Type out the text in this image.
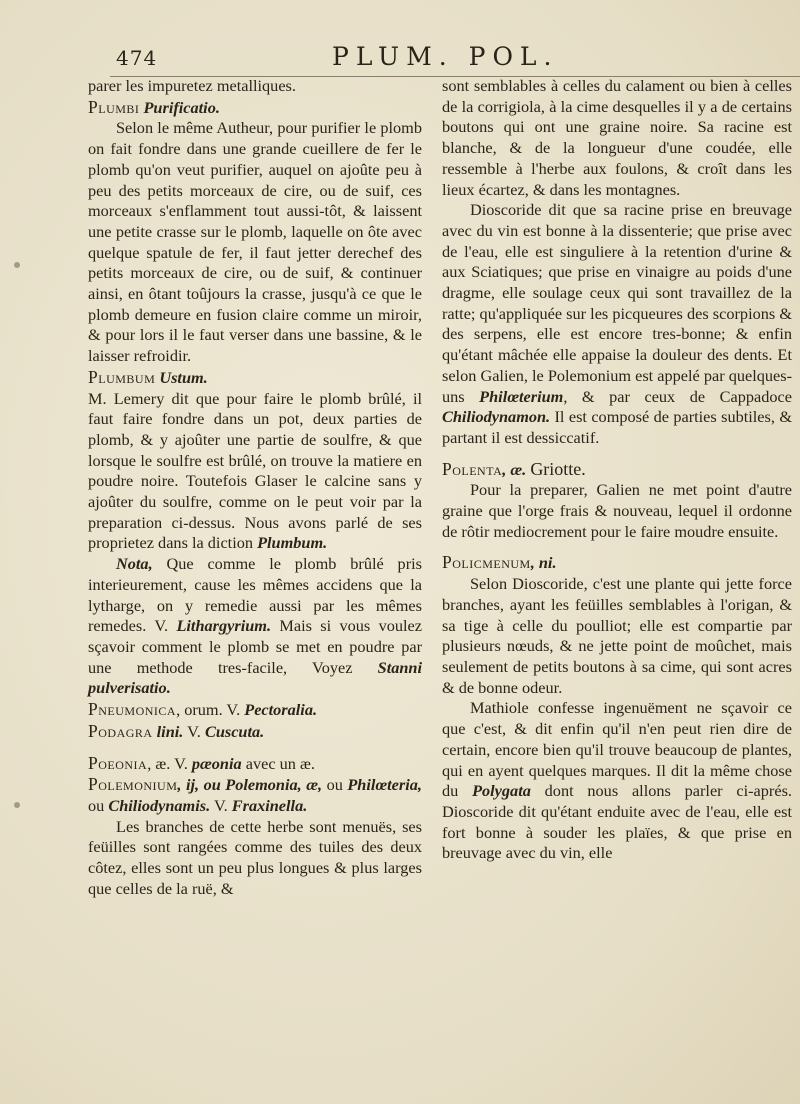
474	PLUM. POL.

parer les impuretez metalliques.

Plumbi Purificatio.

Selon le même Autheur, pour purifier le plomb on fait fondre dans une grande cueillere de fer le plomb qu'on veut purifier, auquel on ajoûte peu à peu des petits morceaux de cire, ou de suif, ces morceaux s'enflamment tout aussi-tôt, & laissent une petite crasse sur le plomb, laquelle on ôte avec quelque spatule de fer, il faut jetter derechef des petits morceaux de cire, ou de suif, & continuer ainsi, en ôtant toûjours la crasse, jusqu'à ce que le plomb demeure en fusion claire comme un miroir, & pour lors il le faut verser dans une bassine, & le laisser refroidir.

Plumbum Ustum.

M. Lemery dit que pour faire le plomb brûlé, il faut faire fondre dans un pot, deux parties de plomb, & y ajoûter une partie de soulfre, & que lorsque le soulfre est brûlé, on trouve la matiere en poudre noire. Toutefois Glaser le calcine sans y ajoûter du soulfre, comme on le peut voir par la preparation ci-dessus. Nous avons parlé de ses proprietez dans la diction Plumbum.

Nota, Que comme le plomb brûlé pris interieurement, cause les mêmes accidens que la lytharge, on y remedie aussi par les mêmes remedes. V. Lithargyrium. Mais si vous voulez sçavoir comment le plomb se met en poudre par une methode tres-facile, Voyez Stanni pulverisatio.

Pneumonica, orum. V. Pectoralia.

Podagra lini. V. Cuscuta.

Poeonia, æ. V. pæonia avec un æ.

Polemonium, ij, ou Polemonia, æ, ou Philœteria, ou Chiliodynamis. V. Fraxinella.

Les branches de cette herbe sont menuës, ses feüilles sont rangées comme des tuiles des deux côtez, elles sont un peu plus longues & plus larges que celles de la ruë, &

sont semblables à celles du calament ou bien à celles de la corrigiola, à la cime desquelles il y a de certains boutons qui ont une graine noire. Sa racine est blanche, & de la longueur d'une coudée, elle ressemble à l'herbe aux foulons, & croît dans les lieux écartez, & dans les montagnes.

Dioscoride dit que sa racine prise en breuvage avec du vin est bonne à la dissenterie; que prise avec de l'eau, elle est singuliere à la retention d'urine & aux Sciatiques; que prise en vinaigre au poids d'une dragme, elle soulage ceux qui sont travaillez de la ratte; qu'appliquée sur les picqueures des scorpions & des serpens, elle est encore tres-bonne; & enfin qu'étant mâchée elle appaise la douleur des dents. Et selon Galien, le Polemonium est appelé par quelques-uns Philœterium, & par ceux de Cappadoce Chiliodynamon. Il est composé de parties subtiles, & partant il est dessiccatif.

Polenta, æ. Griotte.

Pour la preparer, Galien ne met point d'autre graine que l'orge frais & nouveau, lequel il ordonne de rôtir mediocrement pour le faire moudre ensuite.

Policmenum, ni.

Selon Dioscoride, c'est une plante qui jette force branches, ayant les feüilles semblables à l'origan, & sa tige à celle du poulliot; elle est compartie par plusieurs nœuds, & ne jette point de moûchet, mais seulement de petits boutons à sa cime, qui sont acres & de bonne odeur.

Mathiole confesse ingenuëment ne sçavoir ce que c'est, & dit enfin qu'il n'en peut rien dire de certain, encore bien qu'il trouve beaucoup de plantes, qui en ayent quelques marques. Il dit la même chose du Polygata dont nous allons parler ci-aprés. Dioscoride dit qu'étant enduite avec de l'eau, elle est fort bonne à souder les plaïes, & que prise en breuvage avec du vin, elle
